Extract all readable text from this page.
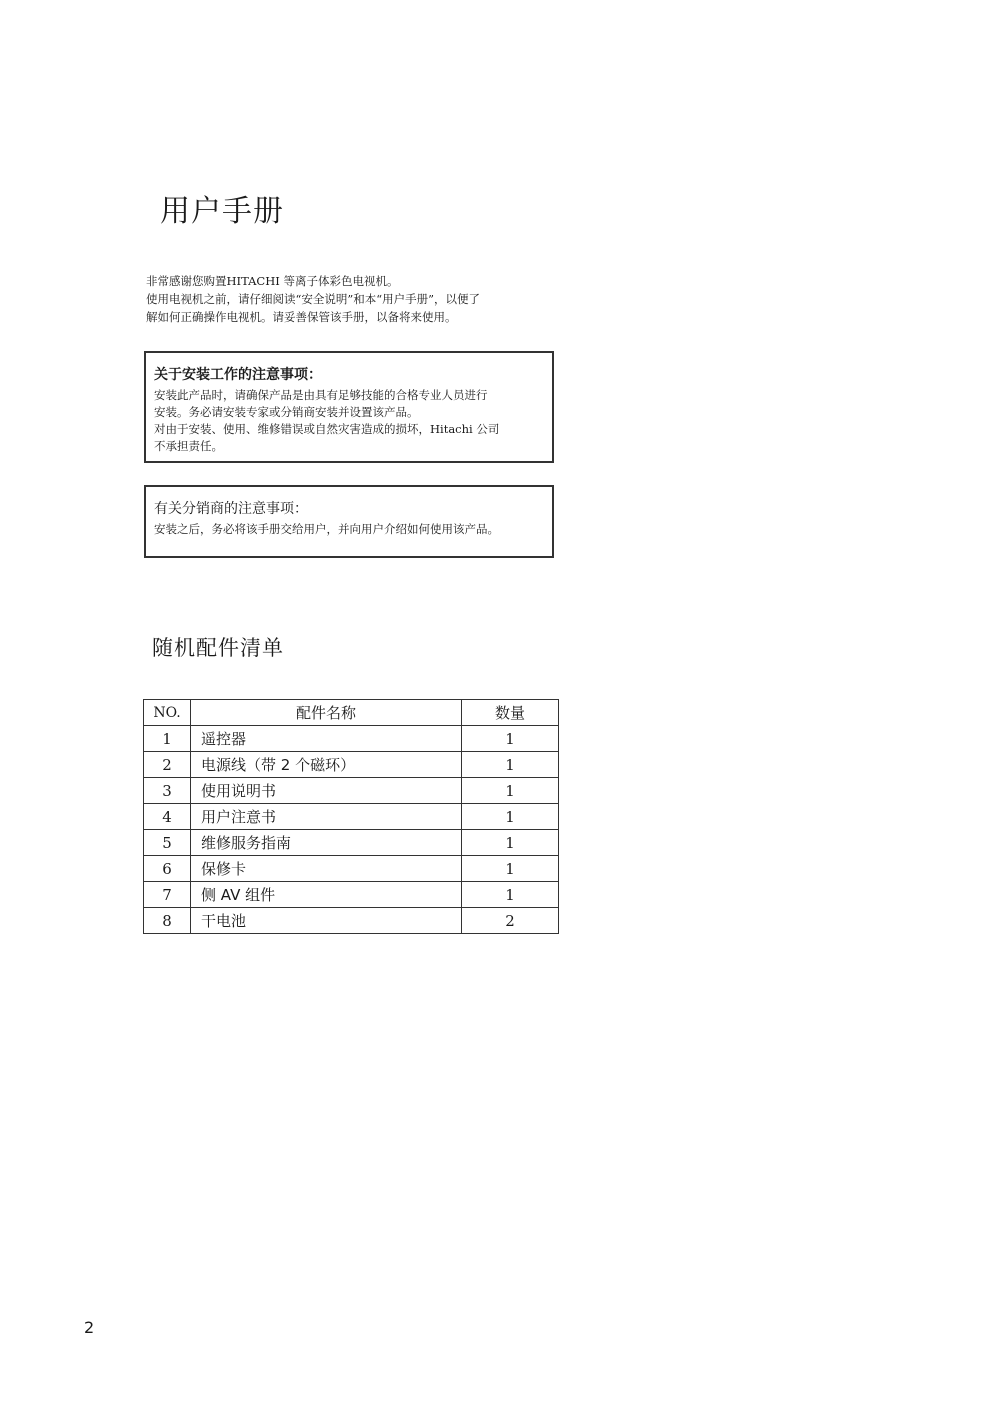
用户手册

非常感谢您购置HITACHI 等离子体彩色电视机。

使用电视机之前，请仔细阅读“安全说明”和本“用户手册”，以便了

解如何正确操作电视机。请妥善保管该手册，以备将来使用。

关于安装工作的注意事项：

安装此产品时，请确保产品是由具有足够技能的合格专业人员进行

安装。务必请安装专家或分销商安装并设置该产品。

对由于安装、使用、维修错误或自然灾害造成的损坏，Hitachi 公司

不承担责任。

有关分销商的注意事项：

安装之后，务必将该手册交给用户，并向用户介绍如何使用该产品。

随机配件清单
NO.	配件名称	数量
1	遥控器	1
2	电源线（带 2 个磁环）	1
3	使用说明书	1
4	用户注意书	1
5	维修服务指南	1
6	保修卡	1
7	侧 AV 组件	1
8	干电池	2
2
